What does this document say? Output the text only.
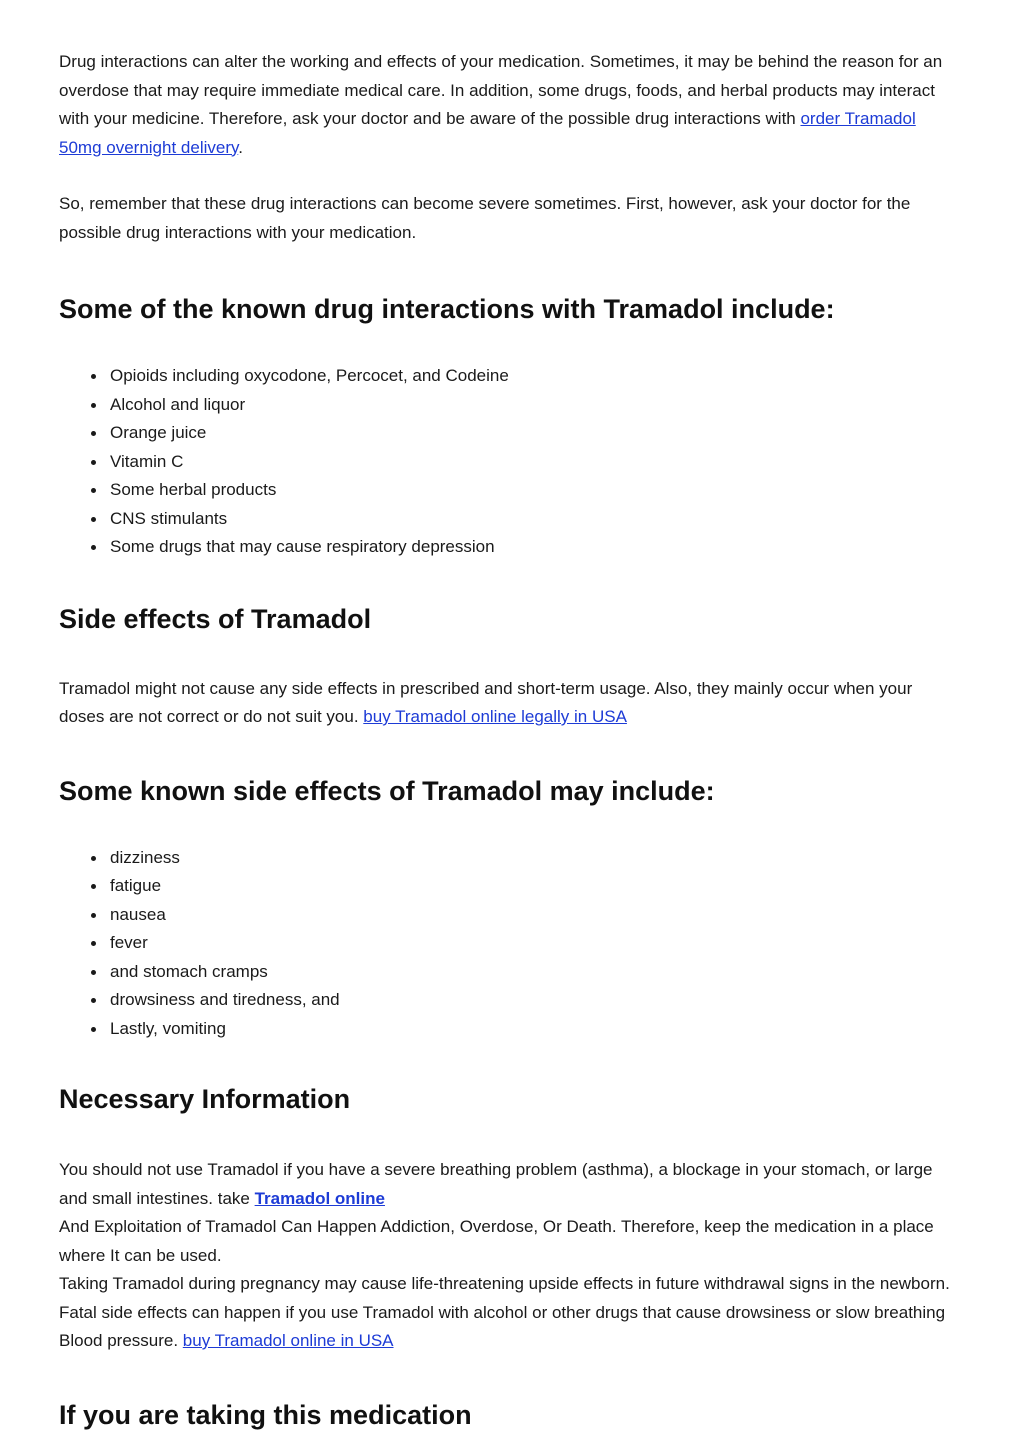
Drug interactions can alter the working and effects of your medication. Sometimes, it may be behind the reason for an overdose that may require immediate medical care. In addition, some drugs, foods, and herbal products may interact with your medicine. Therefore, ask your doctor and be aware of the possible drug interactions with order Tramadol 50mg overnight delivery.

So, remember that these drug interactions can become severe sometimes. First, however, ask your doctor for the possible drug interactions with your medication.

Some of the known drug interactions with Tramadol include:
Opioids including oxycodone, Percocet, and Codeine
Alcohol and liquor
Orange juice
Vitamin C
Some herbal products
CNS stimulants
Some drugs that may cause respiratory depression
Side effects of Tramadol

Tramadol might not cause any side effects in prescribed and short-term usage. Also, they mainly occur when your doses are not correct or do not suit you. buy Tramadol online legally in USA

Some known side effects of Tramadol may include:
dizziness
fatigue
nausea
fever
and stomach cramps
drowsiness and tiredness, and
Lastly, vomiting
Necessary Information

You should not use Tramadol if you have a severe breathing problem (asthma), a blockage in your stomach, or large and small intestines. take Tramadol online
And Exploitation of Tramadol Can Happen Addiction, Overdose, Or Death. Therefore, keep the medication in a place where It can be used.
Taking Tramadol during pregnancy may cause life-threatening upside effects in future withdrawal signs in the newborn.
Fatal side effects can happen if you use Tramadol with alcohol or other drugs that cause drowsiness or slow breathing Blood pressure. buy Tramadol online in USA

If you are taking this medication
